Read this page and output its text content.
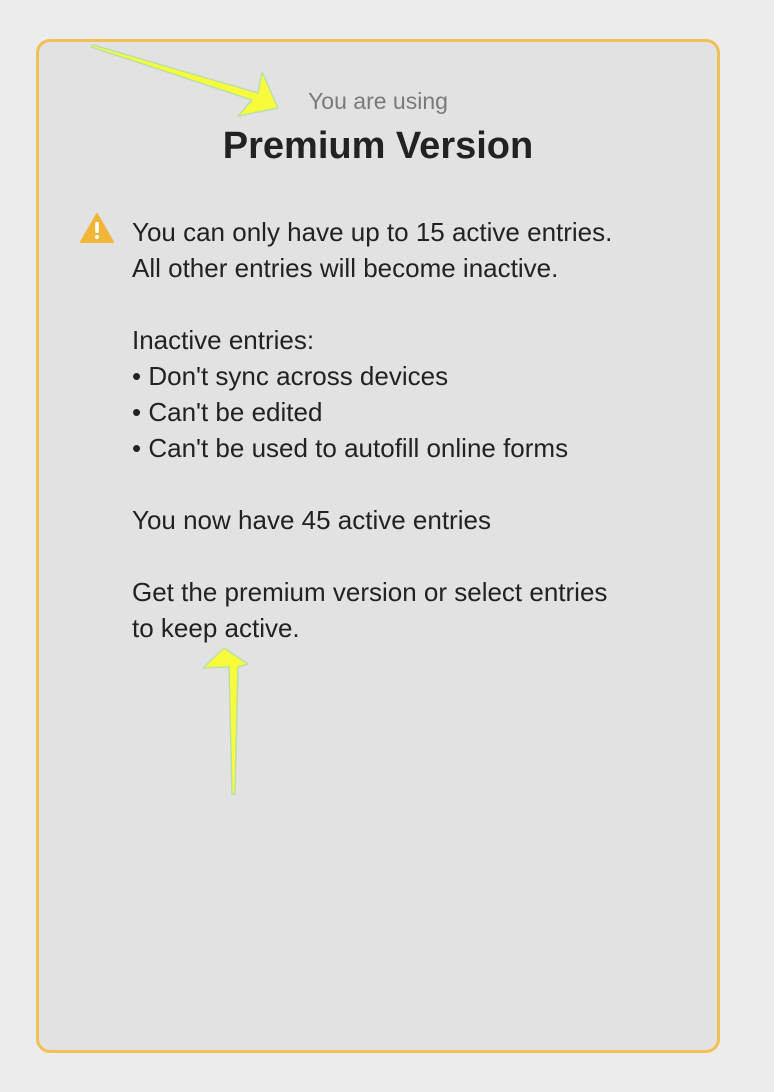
You are using
Premium Version
You can only have up to 15 active entries.
All other entries will become inactive.
Inactive entries:
• Don't sync across devices
• Can't be edited
• Can't be used to autofill online forms
You now have 45 active entries
Get the premium version or select entries
to keep active.
